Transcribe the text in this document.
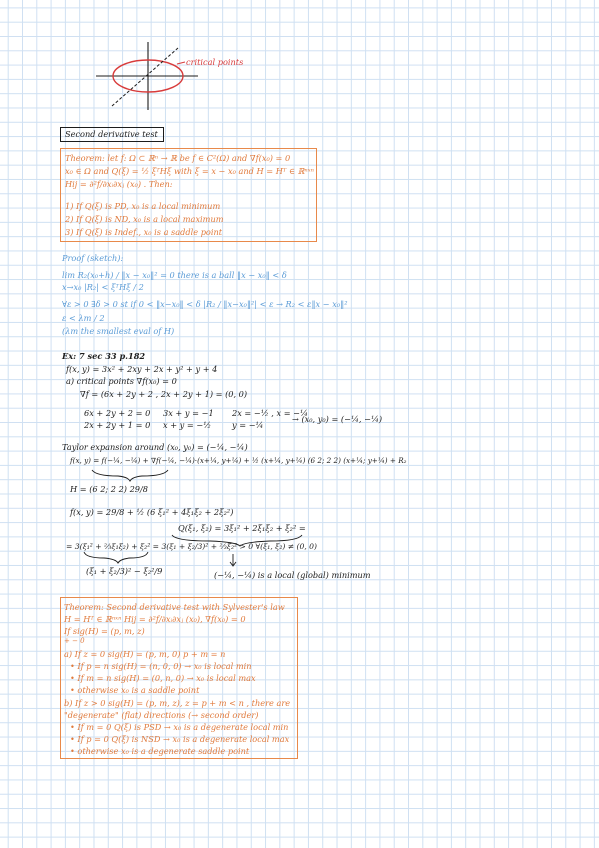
critical points
Second derivative test
Theorem: let f: Ω ⊂ ℝⁿ → ℝ be f ∈ C²(Ω) and ∇f(x₀) = 0
x₀ ∈ Ω and Q(ξ) = ½ ξᵀHξ with ξ = x − x₀ and H = Hᵀ ∈ ℝⁿˣⁿ
Hij = ∂²f/∂xᵢ∂xⱼ (x₀) . Then:
1) If Q(ξ) is PD, x₀ is a local minimum
2) If Q(ξ) is ND, x₀ is a local maximum
3) If Q(ξ) is Indef., x₀ is a saddle point
Proof (sketch):
lim R₂(x₀+h) / ‖x − x₀‖² = 0 there is a ball ‖x − x₀‖ < δ
x→x₀ |R₂| < ξᵀHξ / 2
∀ε > 0 ∃δ > 0 st if 0 < ‖x−x₀‖ < δ |R₂ / ‖x−x₀‖²| < ε → R₂ < ε‖x − x₀‖²
ε < λm / 2
(λm the smallest eval of H)
Ex: 7 sec 33 p.182
f(x, y) = 3x² + 2xy + 2x + y² + y + 4
a) critical points ∇f(x₀) = 0
∇f = (6x + 2y + 2 , 2x + 2y + 1) = (0, 0)
6x + 2y + 2 = 0
2x + 2y + 1 = 0
3x + y = −1
x + y = −½
2x = −½ , x = −¼
y = −¼
→ (x₀, y₀) = (−¼, −¼)
Taylor expansion around (x₀, y₀) = (−¼, −¼)
f(x, y) = f(−¼, −¼) + ∇f(−¼, −¼)·(x+¼, y+¼) + ½ (x+¼, y+¼) (6 2; 2 2) (x+¼; y+¼) + R₂
H = (6 2; 2 2) 29/8
f(x, y) = 29/8 + ½ (6 ξ₁² + 4ξ₁ξ₂ + 2ξ₂²)
Q(ξ₁, ξ₂) = 3ξ₁² + 2ξ₁ξ₂ + ξ₂² =
= 3(ξ₁² + ⅔ξ₁ξ₂) + ξ₂² = 3(ξ₁ + ξ₂/3)² + ⅔ξ₂² > 0 ∀(ξ₁, ξ₂) ≠ (0, 0)
(ξ₁ + ξ₂/3)² − ξ₂²/9	(−¼, −¼) is a local (global) minimum
Theorem: Second derivative test with Sylvester's law
H = Hᵀ ∈ ℝⁿˣⁿ Hij = ∂²f/∂xᵢ∂xⱼ (x₀), ∇f(x₀) = 0
If sig(H) = (p, m, z)
+ − 0
a) If z = 0 sig(H) = (p, m, 0) p + m = n
• If p = n sig(H) = (n, 0, 0) → x₀ is local min
• If m = n sig(H) = (0, n, 0) → x₀ is local max
• otherwise x₀ is a saddle point
b) If z > 0 sig(H) = (p, m, z), z = p + m < n , there are
"degenerate" (flat) directions (→ second order)
• If m = 0 Q(ξ) is PSD → x₀ is a degenerate local min
• If p = 0 Q(ξ) is NSD → x₀ is a degenerate local max
• otherwise x₀ is a degenerate saddle point
